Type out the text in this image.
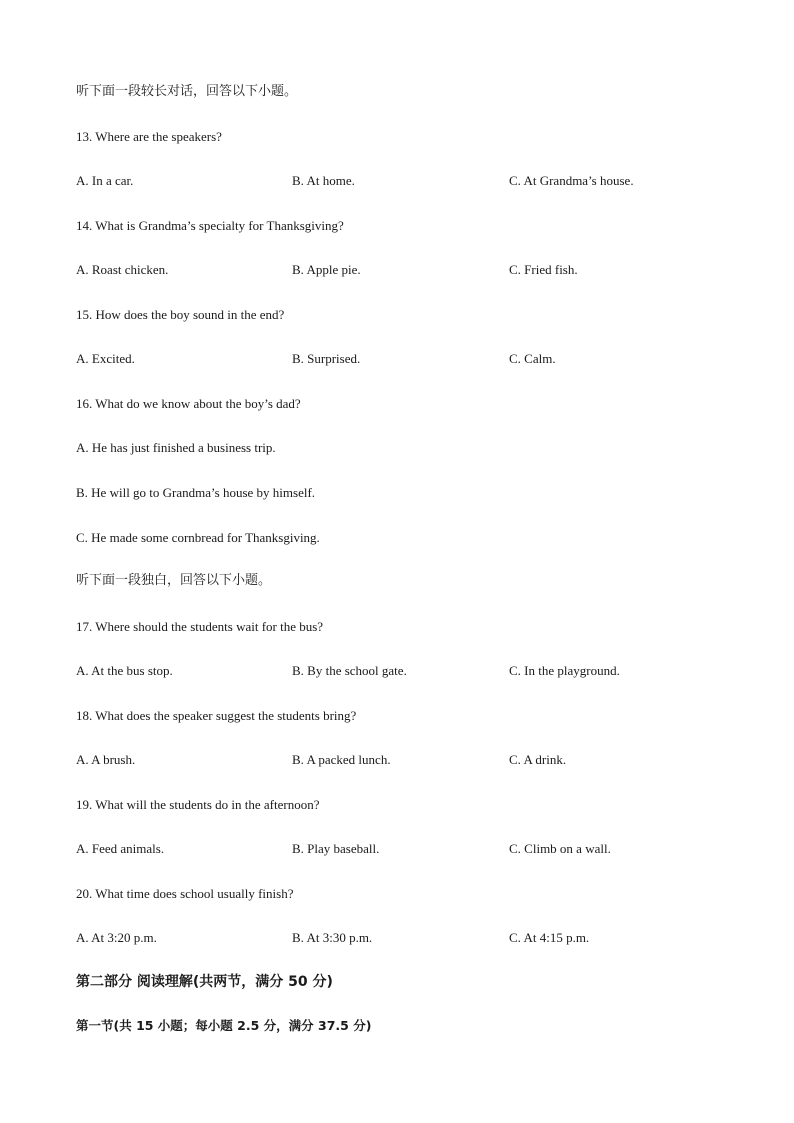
听下面一段较长对话，回答以下小题。
13. Where are the speakers?
A. In a car.	B. At home.	C. At Grandma’s house.
14. What is Grandma’s specialty for Thanksgiving?
A. Roast chicken.	B. Apple pie.	C. Fried fish.
15. How does the boy sound in the end?
A. Excited.	B. Surprised.	C. Calm.
16. What do we know about the boy’s dad?
A. He has just finished a business trip.
B. He will go to Grandma’s house by himself.
C. He made some cornbread for Thanksgiving.
听下面一段独白，回答以下小题。
17. Where should the students wait for the bus?
A. At the bus stop.	B. By the school gate.	C. In the playground.
18. What does the speaker suggest the students bring?
A. A brush.	B. A packed lunch.	C. A drink.
19. What will the students do in the afternoon?
A. Feed animals.	B. Play baseball.	C. Climb on a wall.
20. What time does school usually finish?
A. At 3:20 p.m.	B. At 3:30 p.m.	C. At 4:15 p.m.
第二部分 阅读理解(共两节，满分 50 分)
第一节(共 15 小题；每小题 2.5 分，满分 37.5 分)
